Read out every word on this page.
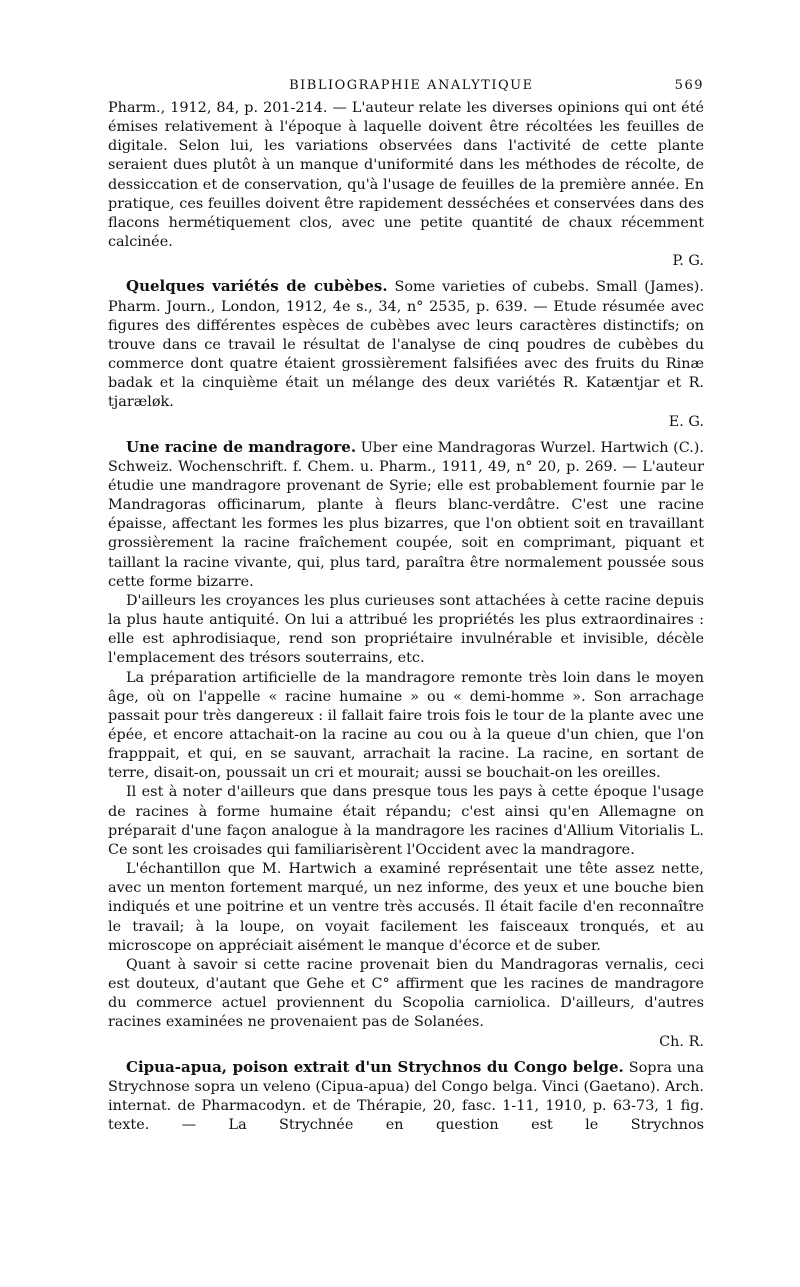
BIBLIOGRAPHIE ANALYTIQUE	569

Pharm., 1912, 84, p. 201-214. — L'auteur relate les diverses opinions qui ont été émises relativement à l'époque à laquelle doivent être récoltées les feuilles de digitale. Selon lui, les variations observées dans l'activité de cette plante seraient dues plutôt à un manque d'uniformité dans les méthodes de récolte, de dessiccation et de conservation, qu'à l'usage de feuilles de la première année. En pratique, ces feuilles doivent être rapidement desséchées et conservées dans des flacons hermétiquement clos, avec une petite quantité de chaux récemment calcinée.

P. G.

Quelques variétés de cubèbes. Some varieties of cubebs. Small (James). Pharm. Journ., London, 1912, 4e s., 34, n° 2535, p. 639. — Etude résumée avec figures des différentes espèces de cubèbes avec leurs caractères distinctifs; on trouve dans ce travail le résultat de l'analyse de cinq poudres de cubèbes du commerce dont quatre étaient grossièrement falsifiées avec des fruits du Rinæ badak et la cinquième était un mélange des deux variétés R. Katæntjar et R. tjaræløk.

E. G.

Une racine de mandragore. Uber eine Mandragoras Wurzel. Hartwich (C.). Schweiz. Wochenschrift. f. Chem. u. Pharm., 1911, 49, n° 20, p. 269. — L'auteur étudie une mandragore provenant de Syrie; elle est probablement fournie par le Mandragoras officinarum, plante à fleurs blanc-verdâtre. C'est une racine épaisse, affectant les formes les plus bizarres, que l'on obtient soit en travaillant grossièrement la racine fraîchement coupée, soit en comprimant, piquant et taillant la racine vivante, qui, plus tard, paraîtra être normalement poussée sous cette forme bizarre.

D'ailleurs les croyances les plus curieuses sont attachées à cette racine depuis la plus haute antiquité. On lui a attribué les propriétés les plus extraordinaires : elle est aphrodisiaque, rend son propriétaire invulnérable et invisible, décèle l'emplacement des trésors souterrains, etc.

La préparation artificielle de la mandragore remonte très loin dans le moyen âge, où on l'appelle « racine humaine » ou « demi-homme ». Son arrachage passait pour très dangereux : il fallait faire trois fois le tour de la plante avec une épée, et encore attachait-on la racine au cou ou à la queue d'un chien, que l'on frapppait, et qui, en se sauvant, arrachait la racine. La racine, en sortant de terre, disait-on, poussait un cri et mourait; aussi se bouchait-on les oreilles.

Il est à noter d'ailleurs que dans presque tous les pays à cette époque l'usage de racines à forme humaine était répandu; c'est ainsi qu'en Allemagne on préparait d'une façon analogue à la mandragore les racines d'Allium Vitorialis L. Ce sont les croisades qui familiarisèrent l'Occident avec la mandragore.

L'échantillon que M. Hartwich a examiné représentait une tête assez nette, avec un menton fortement marqué, un nez informe, des yeux et une bouche bien indiqués et une poitrine et un ventre très accusés. Il était facile d'en reconnaître le travail; à la loupe, on voyait facilement les faisceaux tronqués, et au microscope on appréciait aisément le manque d'écorce et de suber.

Quant à savoir si cette racine provenait bien du Mandragoras vernalis, ceci est douteux, d'autant que Gehe et C° affirment que les racines de mandragore du commerce actuel proviennent du Scopolia carniolica. D'ailleurs, d'autres racines examinées ne provenaient pas de Solanées.

Ch. R.

Cipua-apua, poison extrait d'un Strychnos du Congo belge. Sopra una Strychnose sopra un veleno (Cipua-apua) del Congo belga. Vinci (Gaetano). Arch. internat. de Pharmacodyn. et de Thérapie, 20, fasc. 1-11, 1910, p. 63-73, 1 fig. texte. — La Strychnée en question est le Strychnos
